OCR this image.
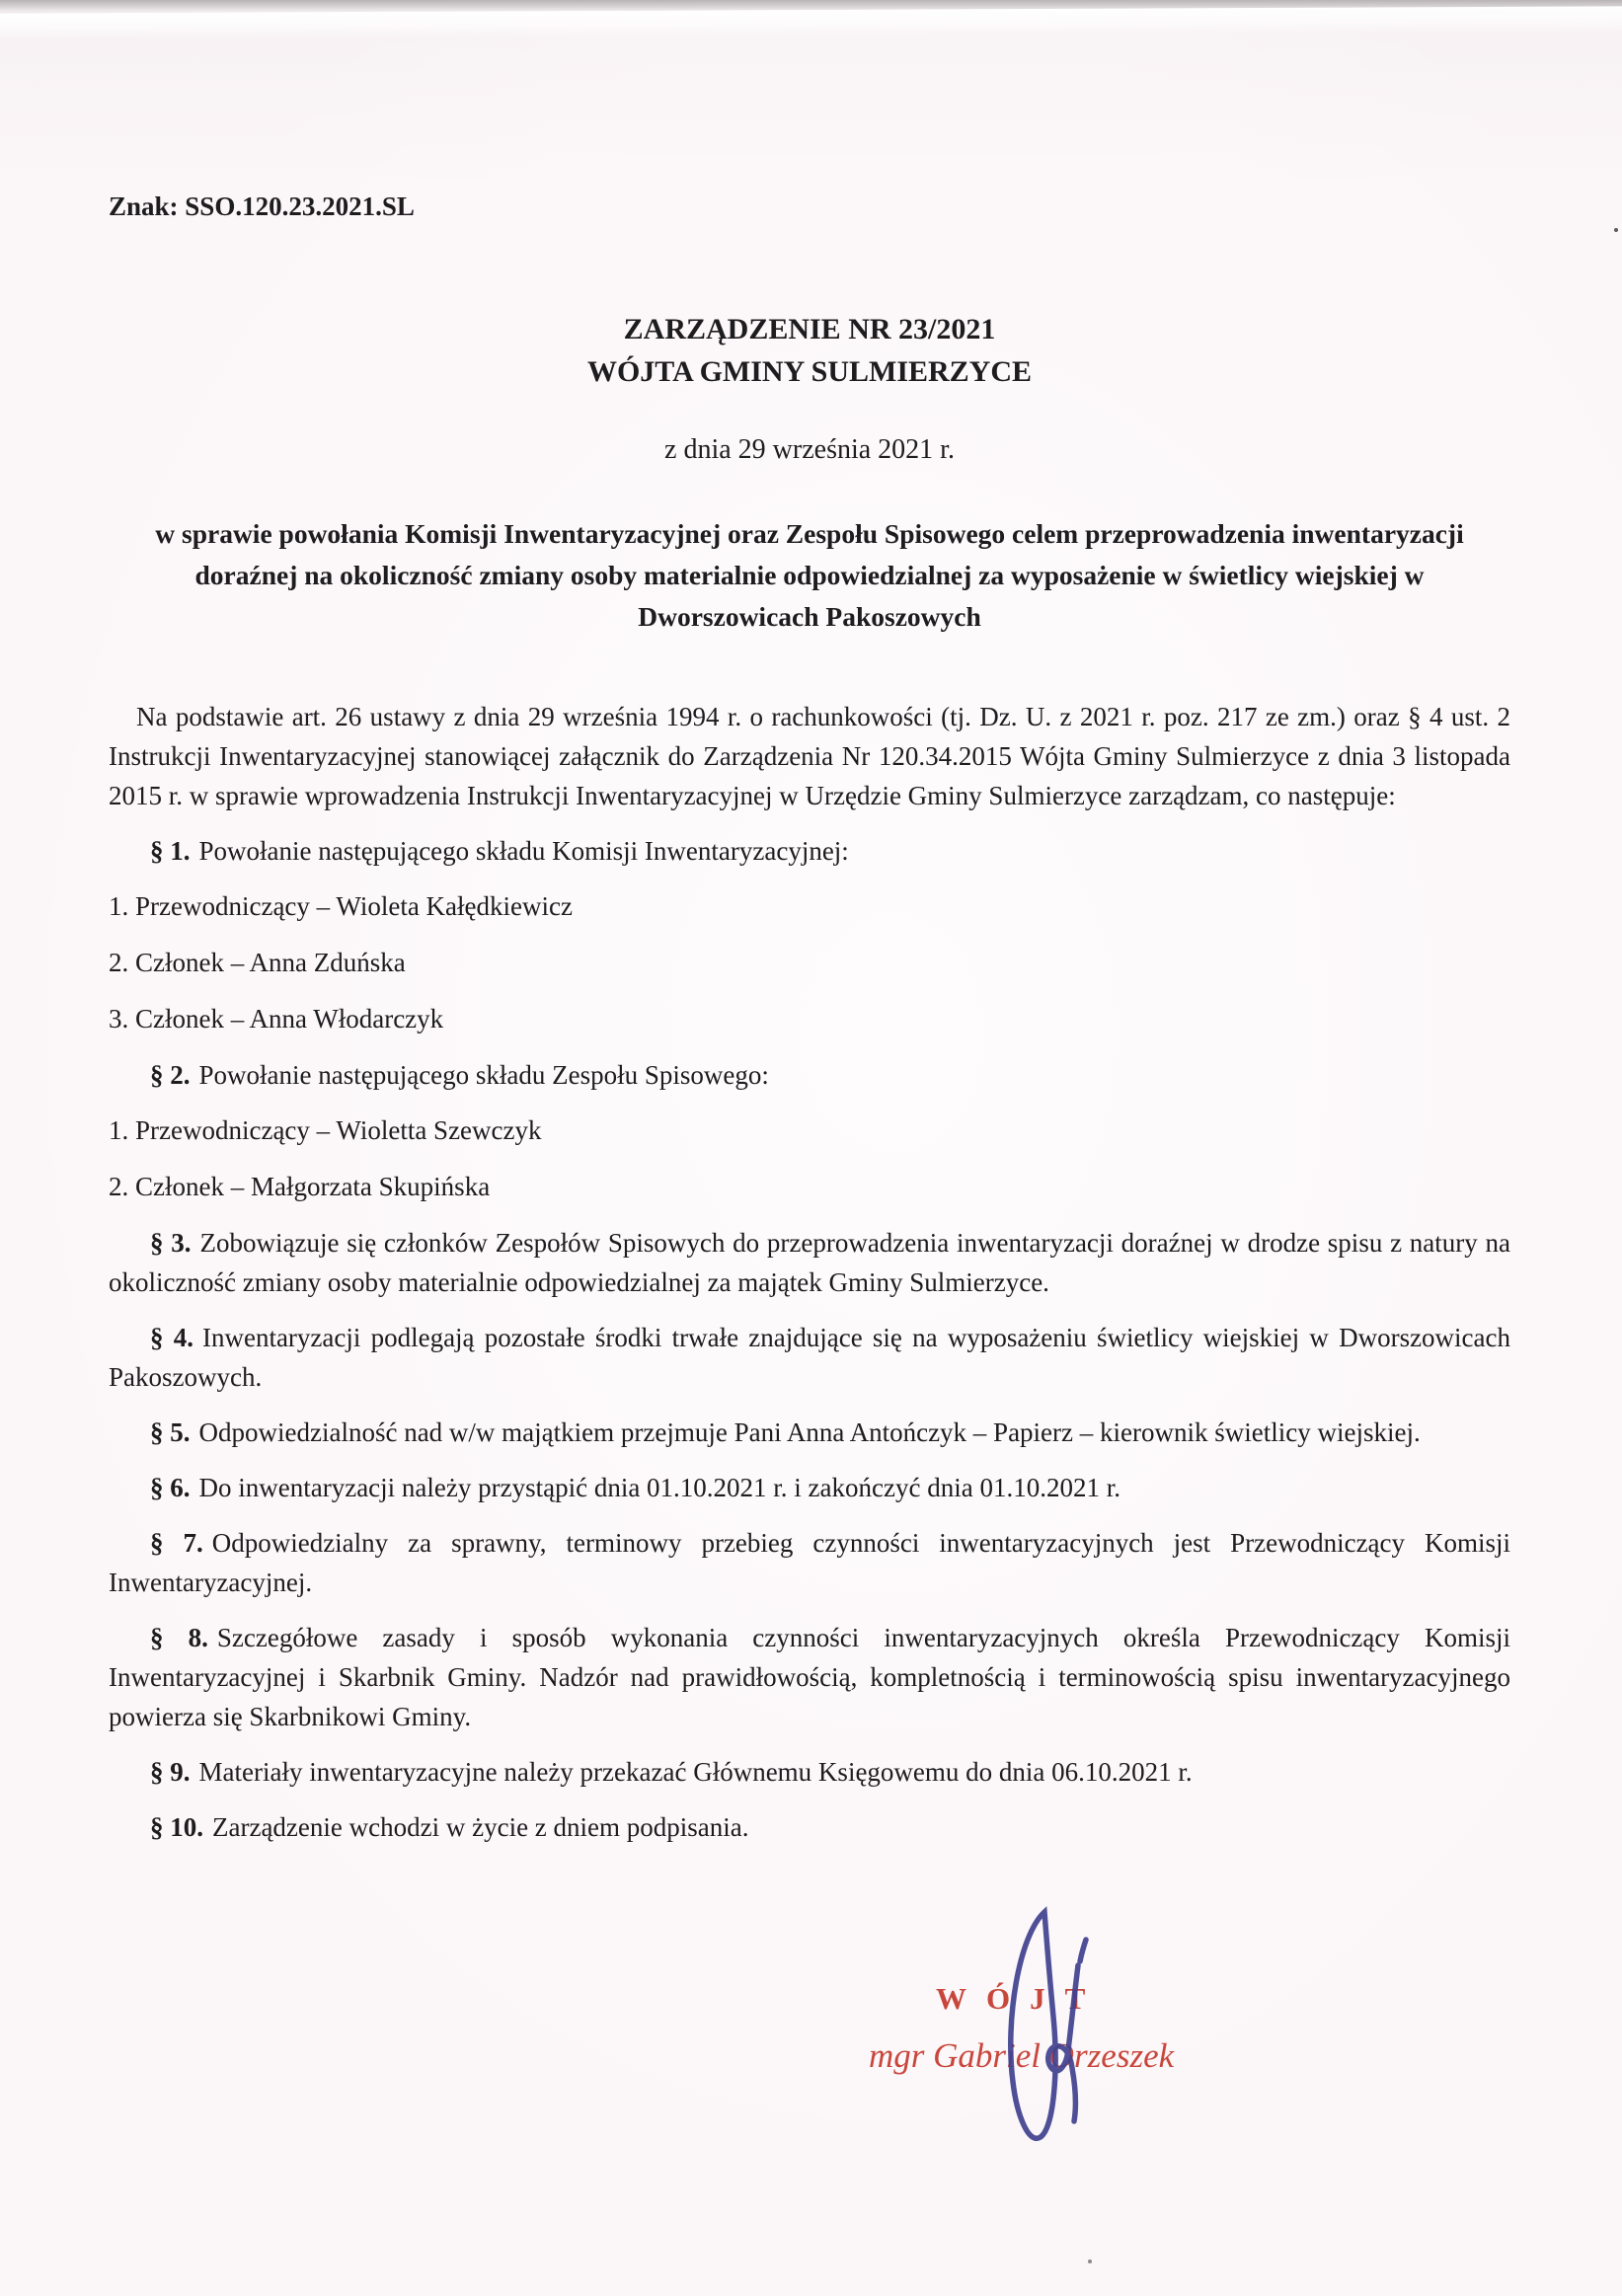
Znak: SSO.120.23.2021.SL

ZARZĄDZENIE NR 23/2021
WÓJTA GMINY SULMIERZYCE

z dnia 29 września 2021 r.

w sprawie powołania Komisji Inwentaryzacyjnej oraz Zespołu Spisowego celem przeprowadzenia inwentaryzacji doraźnej na okoliczność zmiany osoby materialnie odpowiedzialnej za wyposażenie w świetlicy wiejskiej w Dworszowicach Pakoszowych

Na podstawie art. 26 ustawy z dnia 29 września 1994 r. o rachunkowości (tj. Dz. U. z 2021 r. poz. 217 ze zm.) oraz § 4 ust. 2 Instrukcji Inwentaryzacyjnej stanowiącej załącznik do Zarządzenia Nr 120.34.2015 Wójta Gminy Sulmierzyce z dnia 3 listopada 2015 r. w sprawie wprowadzenia Instrukcji Inwentaryzacyjnej w Urzędzie Gminy Sulmierzyce zarządzam, co następuje:

§ 1. Powołanie następującego składu Komisji Inwentaryzacyjnej:

1. Przewodniczący – Wioleta Kałędkiewicz

2. Członek – Anna Zduńska

3. Członek – Anna Włodarczyk

§ 2. Powołanie następującego składu Zespołu Spisowego:

1. Przewodniczący – Wioletta Szewczyk

2. Członek – Małgorzata Skupińska

§ 3. Zobowiązuje się członków Zespołów Spisowych do przeprowadzenia inwentaryzacji doraźnej w drodze spisu z natury na okoliczność zmiany osoby materialnie odpowiedzialnej za majątek Gminy Sulmierzyce.

§ 4. Inwentaryzacji podlegają pozostałe środki trwałe znajdujące się na wyposażeniu świetlicy wiejskiej w Dworszowicach Pakoszowych.

§ 5. Odpowiedzialność nad w/w majątkiem przejmuje Pani Anna Antończyk – Papierz – kierownik świetlicy wiejskiej.

§ 6. Do inwentaryzacji należy przystąpić dnia 01.10.2021 r. i zakończyć dnia 01.10.2021 r.

§ 7. Odpowiedzialny za sprawny, terminowy przebieg czynności inwentaryzacyjnych jest Przewodniczący Komisji Inwentaryzacyjnej.

§ 8. Szczegółowe zasady i sposób wykonania czynności inwentaryzacyjnych określa Przewodniczący Komisji Inwentaryzacyjnej i Skarbnik Gminy. Nadzór nad prawidłowością, kompletnością i terminowością spisu inwentaryzacyjnego powierza się Skarbnikowi Gminy.

§ 9. Materiały inwentaryzacyjne należy przekazać Głównemu Księgowemu do dnia 06.10.2021 r.

§ 10. Zarządzenie wchodzi w życie z dniem podpisania.

WÓJT
mgr Gabriel Orzeszek
